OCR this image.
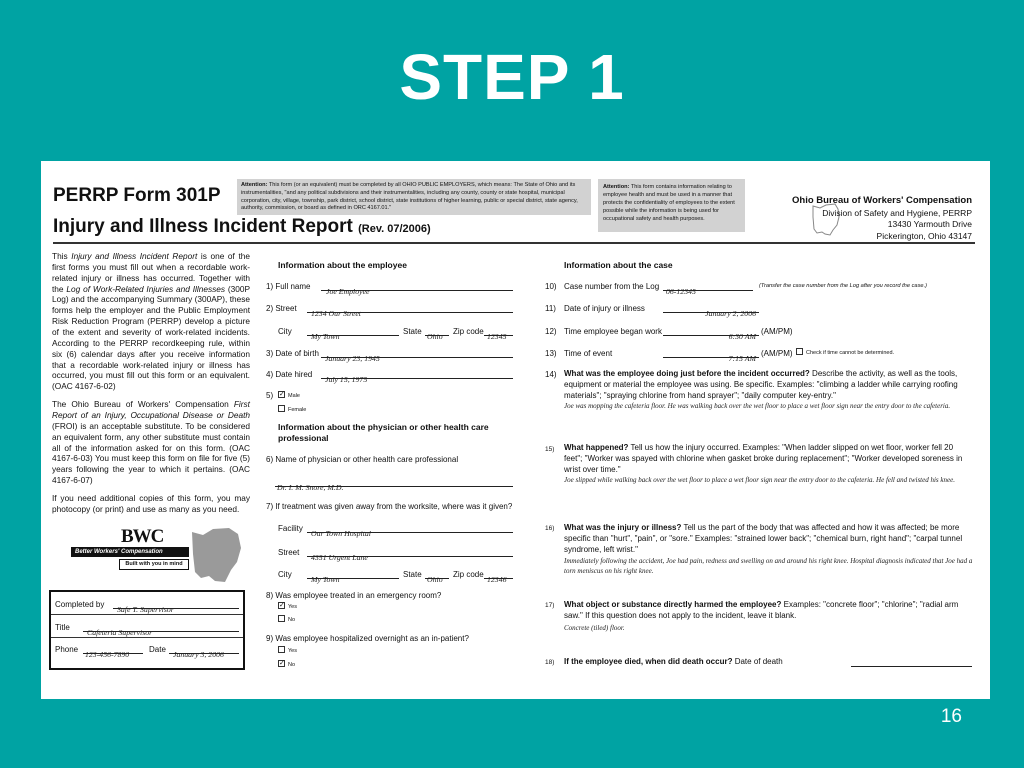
STEP 1
PERRP Form 301P
Injury and Illness Incident Report (Rev. 07/2006)
Attention: This form (or an equivalent) must be completed by all OHIO PUBLIC EMPLOYERS, which means: The State of Ohio and its instrumentalities, "and any political subdivisions and their instrumentalities, including any county, county or state hospital, municipal corporation, city, village, township, park district, school district, state institutions of higher learning, public or special district, state agency, authority, commission, or board as defined in ORC 4167.01."
Attention: This form contains information relating to employee health and must be used in a manner that protects the confidentiality of employees to the extent possible while the information is being used for occupational safety and health purposes.
Ohio Bureau of Workers' Compensation
Division of Safety and Hygiene, PERRP
13430 Yarmouth Drive
Pickerington, Ohio 43147

This Injury and Illness Incident Report is one of the first forms you must fill out when a recordable work-related injury or illness has occurred. Together with the Log of Work-Related Injuries and Illnesses (300P Log) and the accompanying Summary (300AP), these forms help the employer and the Public Employment Risk Reduction Program (PERRP) develop a picture of the extent and severity of work-related incidents. According to the PERRP recordkeeping rule, within six (6) calendar days after you receive information that a recordable work-related injury or illness has occurred, you must fill out this form or an equivalent. (OAC 4167-6-02)

The Ohio Bureau of Workers' Compensation First Report of an Injury, Occupational Disease or Death (FROI) is an acceptable substitute. To be considered an equivalent form, any other substitute must contain all of the information asked for on this form. (OAC 4167-6-03) You must keep this form on file for five (5) years following the year to which it pertains. (OAC 4167-6-07)

If you need additional copies of this form, you may photocopy (or print) and use as many as you need.

BWC
Better Workers' Compensation
Built with you in mind
Completed by
Safe T. Supervisor
Title
Cafeteria Supervisor
Phone
123-456-7890
Date
January 3, 2006
Information about the employee
1) Full name
Joe Employee
2) Street
1234 Our Street
City
My Town
State
Ohio
Zip code
12345
3) Date of birth
January 23, 1945
4) Date hired
July 15, 1975
5) ✓ Male
Female
Information about the physician or other health care professional
6) Name of physician or other health care professional
Dr. I. M. Snore, M.D.
7) If treatment was given away from the worksite, where was it given?
Facility
Our Town Hospital
Street
4351 Urgent Lane
City
My Town
State
Ohio
Zip code
12346
8) Was employee treated in an emergency room?
✓ Yes
No
9) Was employee hospitalized overnight as an in-patient?
Yes
✓ No
Information about the case
10) Case number from the Log
06-12345
(Transfer the case number from the Log after you record the case.)
11) Date of injury or illness
January 2, 2006
12) Time employee began work
6:30 AM
(AM/PM)
13) Time of event
7:15 AM
(AM/PM)	Check if time cannot be determined.
14) What was the employee doing just before the incident occurred? Describe the activity, as well as the tools, equipment or material the employee was using. Be specific. Examples: "climbing a ladder while carrying roofing materials"; "spraying chlorine from hand sprayer"; "daily computer key-entry."
Joe was mopping the cafeteria floor. He was walking back over the wet floor to place a wet floor sign near the entry door to the cafeteria.
15) What happened? Tell us how the injury occurred. Examples: "When ladder slipped on wet floor, worker fell 20 feet"; "Worker was spayed with chlorine when gasket broke during replacement"; "Worker developed soreness in wrist over time."
Joe slipped while walking back over the wet floor to place a wet floor sign near the entry door to the cafeteria. He fell and twisted his knee.
16) What was the injury or illness? Tell us the part of the body that was affected and how it was affected; be more specific than "hurt", "pain", or "sore." Examples: "strained lower back"; "chemical burn, right hand"; "carpal tunnel syndrome, left wrist."
Immediately following the accident, Joe had pain, redness and swelling on and around his right knee. Hospital diagnosis indicated that Joe had a torn meniscus on his right knee.
17) What object or substance directly harmed the employee? Examples: "concrete floor"; "chlorine"; "radial arm saw." If this question does not apply to the incident, leave it blank.
Concrete (tiled) floor.
18) If the employee died, when did death occur? Date of death
16
